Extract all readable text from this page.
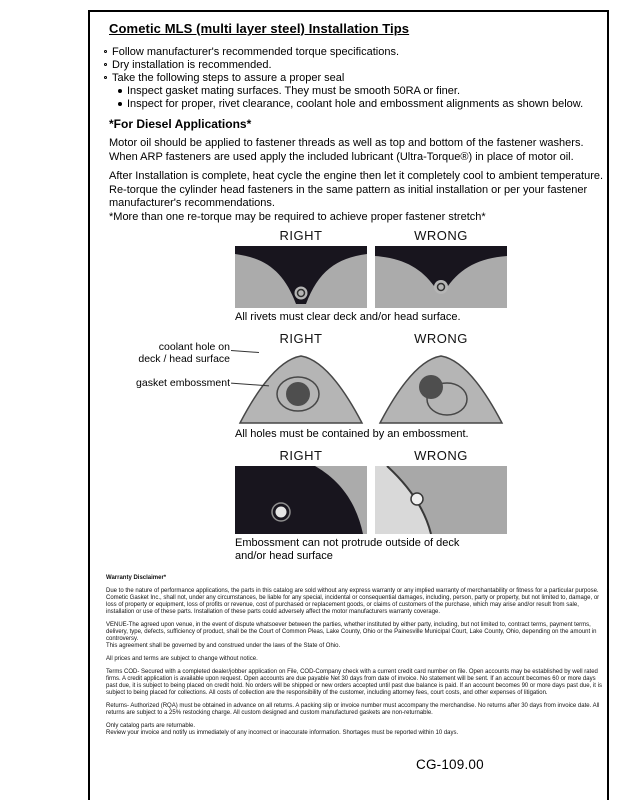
Cometic MLS (multi layer steel) Installation Tips
Follow manufacturer's recommended torque specifications.
Dry installation is recommended.
Take the following steps to assure a proper seal
Inspect gasket mating surfaces. They must be smooth 50RA or finer.
Inspect for proper, rivet clearance, coolant hole and embossment alignments as shown below.
*For Diesel Applications*
Motor oil should be applied to fastener threads as well as top and bottom of the fastener washers. When ARP fasteners are used apply the included lubricant (Ultra-Torque®) in place of motor oil.
After Installation is complete, heat cycle the engine then let it completely cool to ambient temperature. Re-torque the cylinder head fasteners in the same pattern as initial installation or per your fastener manufacturer's recommendations.
*More than one re-torque may be required to achieve proper fastener stretch*
RIGHT	WRONG
All rivets must clear deck and/or head surface.
RIGHT	WRONG
All holes must be contained by an embossment.
RIGHT	WRONG
Embossment can not protrude outside of deck
and/or head surface
coolant hole on
deck / head surface
gasket embossment
Warranty Disclaimer*
Due to the nature of performance applications, the parts in this catalog are sold without any express warranty or any implied warranty of merchantability or fitness for a particular purpose. Cometic Gasket Inc., shall not, under any circumstances, be liable for any special, incidental or consequential damages, including, person, party or property, but not limited to, damage, or loss of property or equipment, loss of profits or revenue, cost of purchased or replacement goods, or claims of customers of the purchase, which may arise and/or result from sale, installation or use of these parts. Installation of these parts could adversely affect the motor manufacturers warranty coverage.
VENUE-The agreed upon venue, in the event of dispute whatsoever between the parties, whether instituted by either party, including, but not limited to, contract terms, payment terms, delivery, type, defects, sufficiency of product, shall be the Court of Common Pleas, Lake County, Ohio or the Painesville Municipal Court, Lake County, Ohio, depending on the amount in controversy.
This agreement shall be governed by and construed under the laws of the State of Ohio.
All prices and terms are subject to change without notice.
Terms COD- Secured with a completed dealer/jobber application on File, COD-Company check with a current credit card number on file. Open accounts may be established by well rated firms. A credit application is available upon request. Open accounts are due payable Net 30 days from date of invoice. No statement will be sent. If an account becomes 60 or more days past due, it is subject to being placed on credit hold. No orders will be shipped or new orders accepted until past due balance is paid. If an account becomes 90 or more days past due, it is subject to being placed for collections. All costs of collection are the responsibility of the customer, including attorney fees, court costs, and other expenses of litigation.
Returns- Authorized (RQA) must be obtained in advance on all returns. A packing slip or invoice number must accompany the merchandise. No returns after 30 days from invoice date. All returns are subject to a 25% restocking charge. All custom designed and custom manufactured gaskets are non-returnable.
Only catalog parts are returnable.
Review your invoice and notify us immediately of any incorrect or inaccurate information. Shortages must be reported within 10 days.
CG-109.00
